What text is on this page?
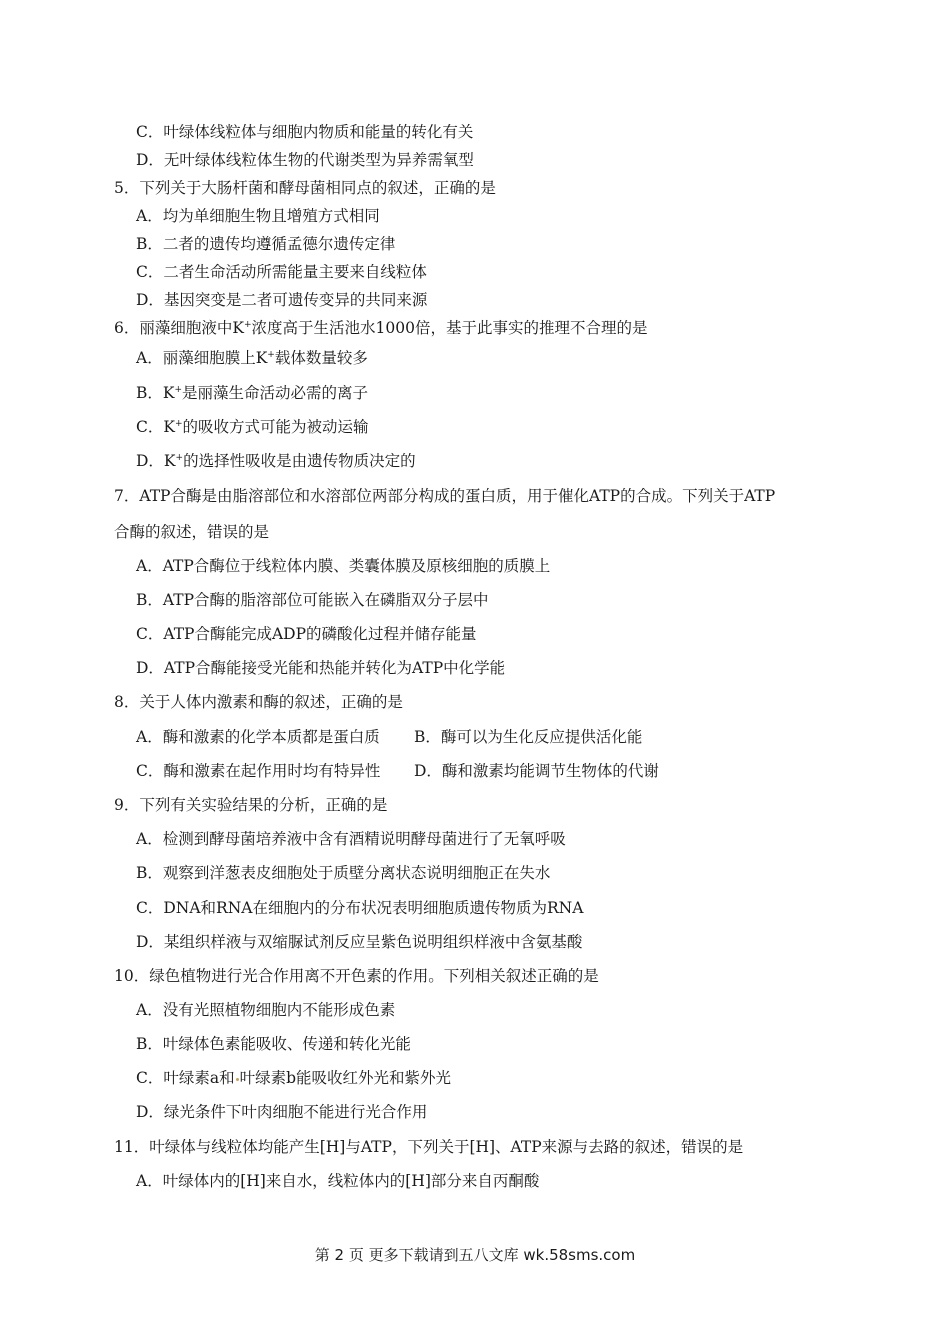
C．叶绿体线粒体与细胞内物质和能量的转化有关
D．无叶绿体线粒体生物的代谢类型为异养需氧型
5．下列关于大肠杆菌和酵母菌相同点的叙述，正确的是
A．均为单细胞生物且增殖方式相同
B．二者的遗传均遵循孟德尔遗传定律
C．二者生命活动所需能量主要来自线粒体
D．基因突变是二者可遗传变异的共同来源
6．丽藻细胞液中K+浓度高于生活池水1000倍，基于此事实的推理不合理的是
A．丽藻细胞膜上K+载体数量较多
B．K+是丽藻生命活动必需的离子
C．K+的吸收方式可能为被动运输
D．K+的选择性吸收是由遗传物质决定的
7．ATP合酶是由脂溶部位和水溶部位两部分构成的蛋白质，用于催化ATP的合成。下列关于ATP
合酶的叙述，错误的是
A．ATP合酶位于线粒体内膜、类囊体膜及原核细胞的质膜上
B．ATP合酶的脂溶部位可能嵌入在磷脂双分子层中
C．ATP合酶能完成ADP的磷酸化过程并储存能量
D．ATP合酶能接受光能和热能并转化为ATP中化学能
8．关于人体内激素和酶的叙述，正确的是
A．酶和激素的化学本质都是蛋白质 B．酶可以为生化反应提供活化能
C．酶和激素在起作用时均有特异性 D．酶和激素均能调节生物体的代谢
9．下列有关实验结果的分析，正确的是
A．检测到酵母菌培养液中含有酒精说明酵母菌进行了无氧呼吸
B．观察到洋葱表皮细胞处于质壁分离状态说明细胞正在失水
C．DNA和RNA在细胞内的分布状况表明细胞质遗传物质为RNA
D．某组织样液与双缩脲试剂反应呈紫色说明组织样液中含氨基酸
10．绿色植物进行光合作用离不开色素的作用。下列相关叙述正确的是
A．没有光照植物细胞内不能形成色素
B．叶绿体色素能吸收、传递和转化光能
C．叶绿素a和 叶绿素b能吸收红外光和紫外光
D．绿光条件下叶肉细胞不能进行光合作用
11．叶绿体与线粒体均能产生[H]与ATP，下列关于[H]、ATP来源与去路的叙述，错误的是
A．叶绿体内的[H]来自水，线粒体内的[H]部分来自丙酮酸
第 2 页 更多下载请到五八文库 wk.58sms.com
